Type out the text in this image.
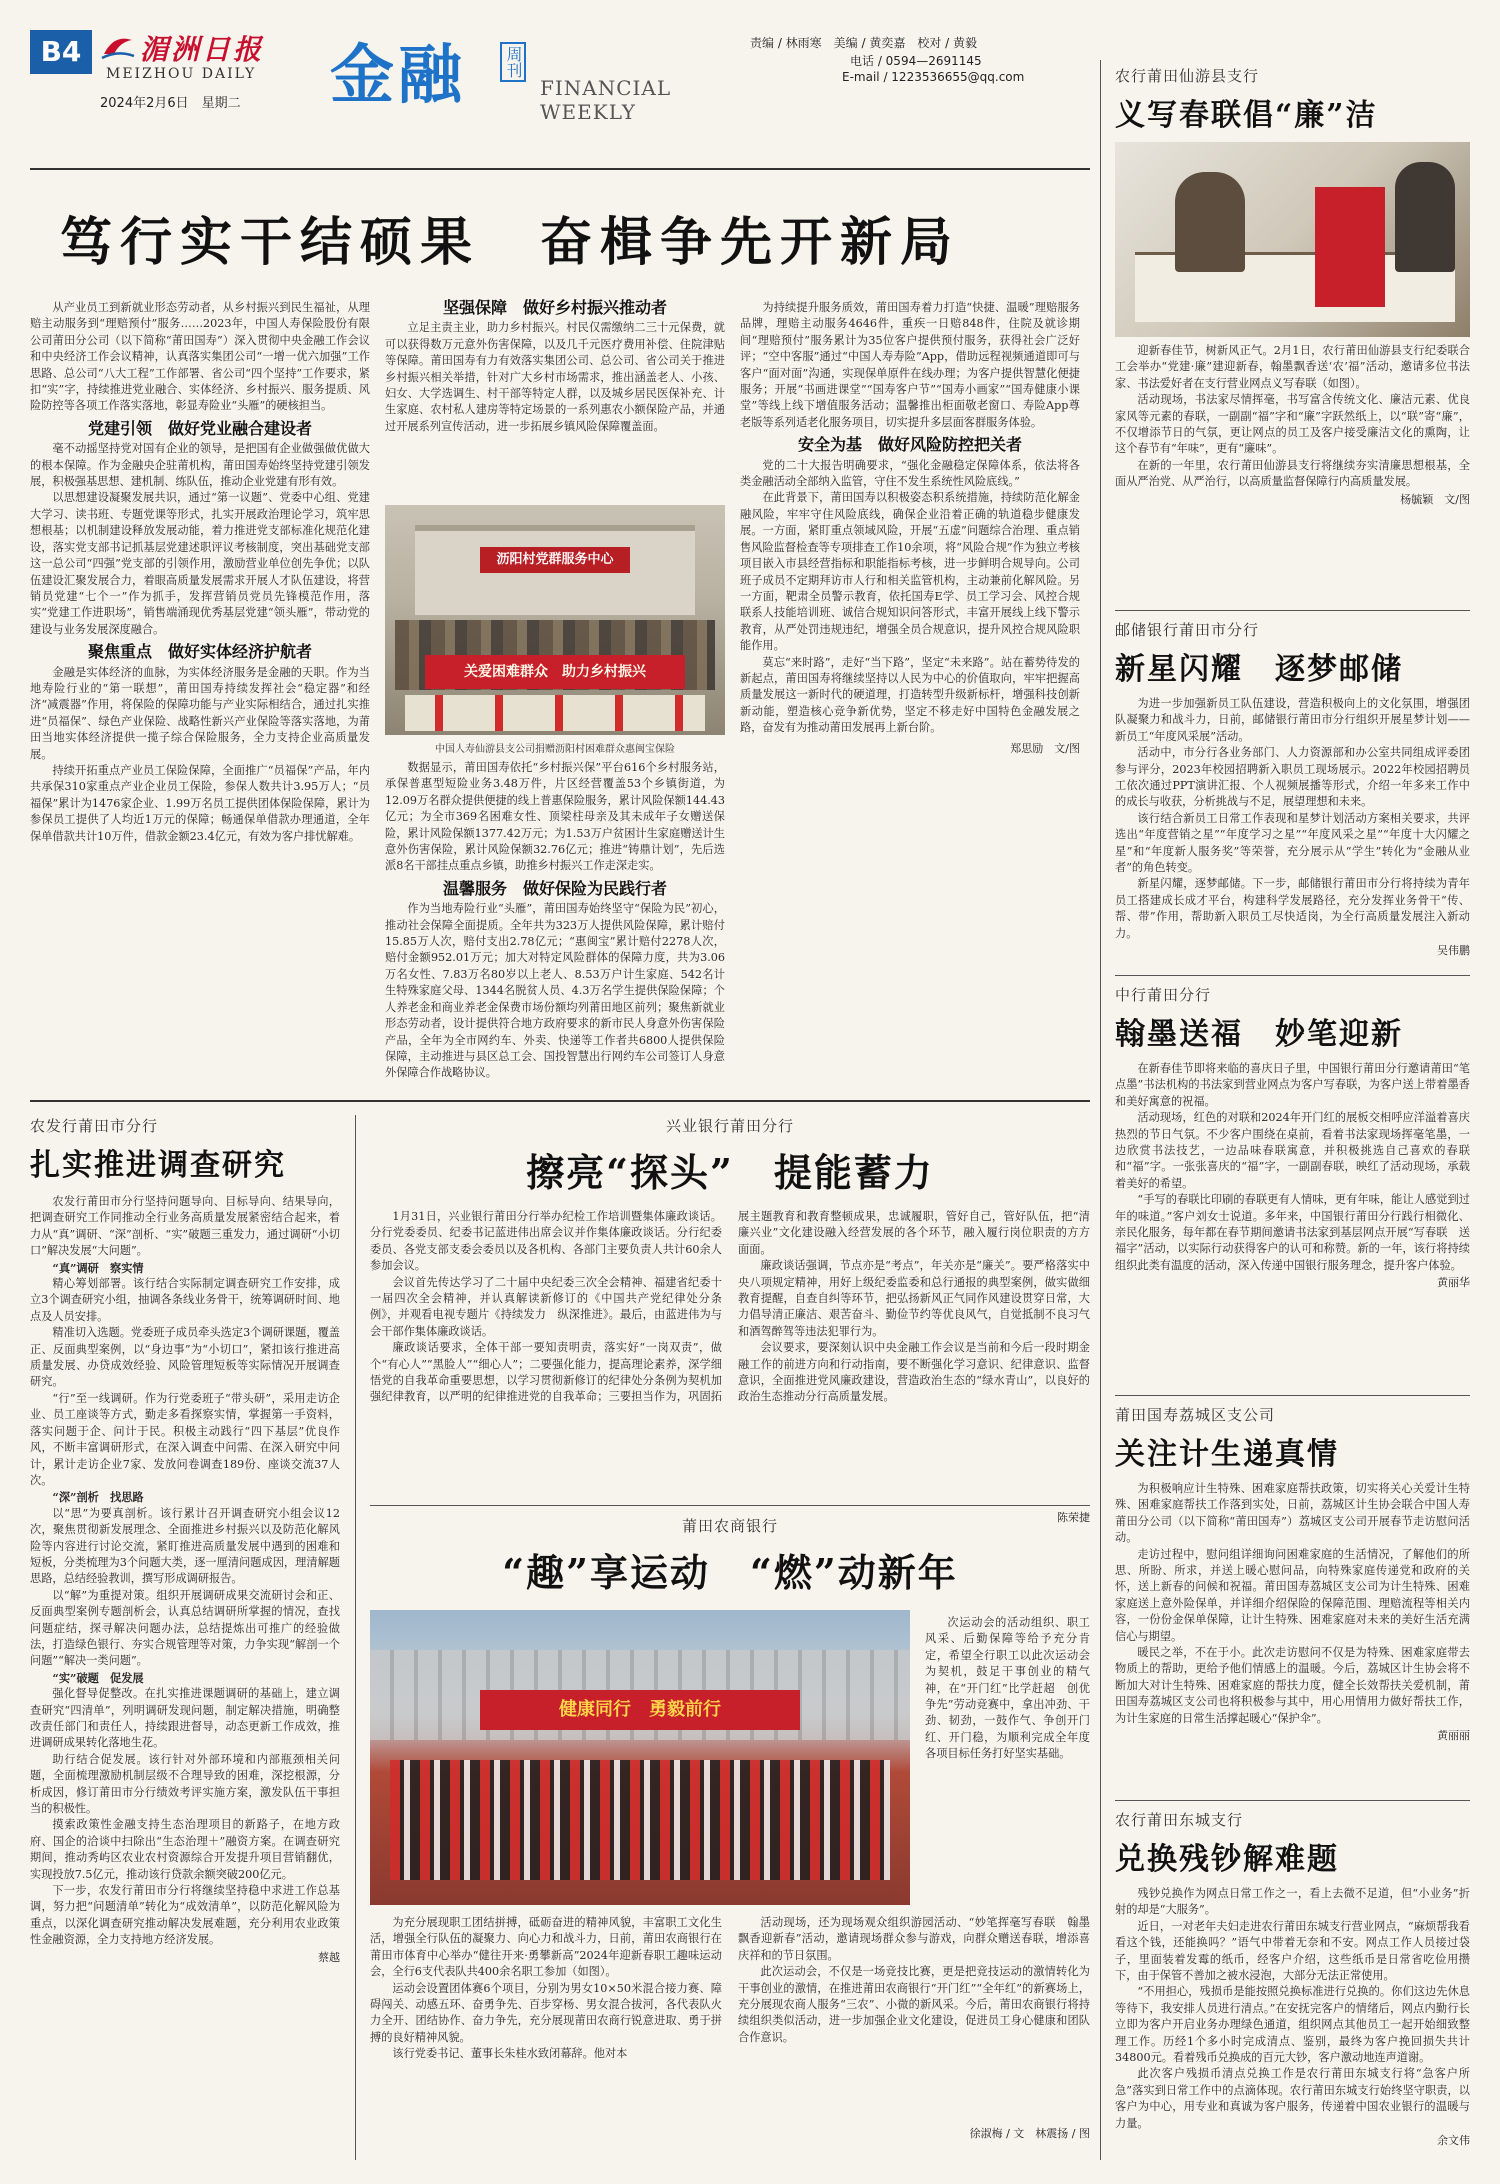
B4	湄洲日报
MEIZHOU DAILY
2024年2月6日　星期二 金融 周刊
FINANCIAL
WEEKLY
责编 / 林雨寒　美编 / 黄奕嘉　校对 / 黄毅
电话 / 0594—2691145
E-mail / 1223536655@qq.com
笃行实干结硕果　奋楫争先开新局

从产业员工到新就业形态劳动者，从乡村振兴到民生福祉，从理赔主动服务到“理赔预付”服务……2023年，中国人寿保险股份有限公司莆田分公司（以下简称“莆田国寿”）深入贯彻中央金融工作会议和中央经济工作会议精神，认真落实集团公司“一增一优六加强”工作思路、总公司“八大工程”工作部署、省公司“四个坚持”工作要求，紧扣“实”字，持续推进党业融合、实体经济、乡村振兴、服务提质、风险防控等各项工作落实落地，彰显寿险业“头雁”的硬核担当。

党建引领　做好党业融合建设者

毫不动摇坚持党对国有企业的领导，是把国有企业做强做优做大的根本保障。作为金融央企驻莆机构，莆田国寿始终坚持党建引领发展，积极强基思想、建机制、练队伍，推动企业党建有形有效。

以思想建设凝聚发展共识，通过“第一议题”、党委中心组、党建大学习、读书班、专题党课等形式，扎实开展政治理论学习，筑牢思想根基；以机制建设释放发展动能，着力推进党支部标准化规范化建设，落实党支部书记抓基层党建述职评议考核制度，突出基础党支部这一总公司“四强”党支部的引领作用，激励营业单位创先争优；以队伍建设汇聚发展合力，着眼高质量发展需求开展人才队伍建设，将营销员党建“七个一”作为抓手，发挥营销员党员先锋模范作用，落实“党建工作进职场”，销售端涌现优秀基层党建“领头雁”，带动党的建设与业务发展深度融合。

聚焦重点　做好实体经济护航者

金融是实体经济的血脉，为实体经济服务是金融的天职。作为当地寿险行业的“第一联想”，莆田国寿持续发挥社会“稳定器”和经济“减震器”作用，将保险的保障功能与产业实际相结合，通过扎实推进“员福保”、绿色产业保险、战略性新兴产业保险等落实落地，为莆田当地实体经济提供一揽子综合保险服务，全力支持企业高质量发展。

持续开拓重点产业员工保险保障，全面推广“员福保”产品，年内共承保310家重点产业企业员工保险，参保人数共计3.95万人；“员福保”累计为1476家企业、1.99万名员工提供团体保险保障，累计为参保员工提供了人均近1万元的保障；畅通保单借款办理通道，全年保单借款共计10万件，借款金额23.4亿元，有效为客户排忧解难。

坚强保障　做好乡村振兴推动者

立足主责主业，助力乡村振兴。村民仅需缴纳二三十元保费，就可以获得数万元意外伤害保障，以及几千元医疗费用补偿、住院津贴等保障。莆田国寿有力有效落实集团公司、总公司、省公司关于推进乡村振兴相关举措，针对广大乡村市场需求，推出涵盖老人、小孩、妇女、大学选调生、村干部等特定人群，以及城乡居民医保补充、计生家庭、农村私人建房等特定场景的一系列惠农小额保险产品，并通过开展系列宣传活动，进一步拓展乡镇风险保障覆盖面。

沥阳村党群服务中心
关爱困难群众　助力乡村振兴
中国人寿仙游县支公司捐赠沥阳村困难群众惠闽宝保险

数据显示，莆田国寿依托“乡村振兴保”平台616个乡村服务站，承保普惠型短险业务3.48万件，片区经营覆盖53个乡镇街道，为12.09万名群众提供便捷的线上普惠保险服务，累计风险保额144.43亿元；为全市369名困难女性、顶梁柱母亲及其未成年子女赠送保险，累计风险保额1377.42万元；为1.53万户贫困计生家庭赠送计生意外伤害保险，累计风险保额32.76亿元；推进“铸鼎计划”，先后选派8名干部挂点重点乡镇，助推乡村振兴工作走深走实。

温馨服务　做好保险为民践行者

作为当地寿险行业“头雁”，莆田国寿始终坚守“保险为民”初心，推动社会保障全面提质。全年共为323万人提供风险保障，累计赔付15.85万人次，赔付支出2.78亿元；“惠闽宝”累计赔付2278人次，赔付金额952.01万元；加大对特定风险群体的保障力度，共为3.06万名女性、7.83万名80岁以上老人、8.53万户计生家庭、542名计生特殊家庭父母、1344名脱贫人员、4.3万名学生提供保险保障；个人养老金和商业养老金保费市场份额均列莆田地区前列；聚焦新就业形态劳动者，设计提供符合地方政府要求的新市民人身意外伤害保险产品，全年为全市网约车、外卖、快递等工作者共6800人提供保险保障，主动推进与县区总工会、国投智慧出行网约车公司签订人身意外保障合作战略协议。

为持续提升服务质效，莆田国寿着力打造“快捷、温暖”理赔服务品牌，理赔主动服务4646件，重疾一日赔848件，住院及就诊期间“理赔预付”服务累计为35位客户提供预付服务，获得社会广泛好评；“空中客服”通过“中国人寿寿险”App，借助远程视频通道即可与客户“面对面”沟通，实现保单原件在线办理；为客户提供智慧化便捷服务；开展“书画进课堂”“国寿客户节”“国寿小画家”“国寿健康小课堂”等线上线下增值服务活动；温馨推出柜面敬老窗口、寿险App尊老版等系列适老化服务项目，切实提升多层面客群服务体验。

安全为基　做好风险防控把关者

党的二十大报告明确要求，“强化金融稳定保障体系，依法将各类金融活动全部纳入监管，守住不发生系统性风险底线。”

在此背景下，莆田国寿以积极姿态积系统措施，持续防范化解金融风险，牢牢守住风险底线，确保企业沿着正确的轨道稳步健康发展。一方面，紧盯重点领域风险，开展“五虚”问题综合治理、重点销售风险监督检查等专项排查工作10余项，将“风险合规”作为独立考核项目嵌入市县经营指标和职能指标考核，进一步鲜明合规导向。公司班子成员不定期拜访市人行和相关监管机构，主动兼前化解风险。另一方面，靶肃全员警示教育，依托国寿E学、员工学习会、风控合规联系人技能培训班、诚信合规知识问答形式，丰富开展线上线下警示教育，从严处罚违规违纪，增强全员合规意识，提升风控合规风险职能作用。

莫忘“来时路”，走好“当下路”，坚定“未来路”。站在蓄势待发的新起点，莆田国寿将继续坚持以人民为中心的价值取向，牢牢把握高质量发展这一新时代的硬道理，打造转型升级新标杆，增强科技创新新动能，塑造核心竞争新优势，坚定不移走好中国特色金融发展之路，奋发有为推动莆田发展再上新台阶。

郑思励　文/图
农行莆田仙游县支行
义写春联倡“廉”洁

迎新春佳节，树新风正气。2月1日，农行莆田仙游县支行纪委联合工会举办“党建·廉”建迎新春，翰墨飘香送‘农’福”活动，邀请多位书法家、书法爱好者在支行营业网点义写春联（如图）。

活动现场，书法家尽情挥毫，书写富含传统文化、廉洁元素、优良家风等元素的春联，一副副“福”字和“廉”字跃然纸上，以“联”寄“廉”，不仅增添节日的气氛，更让网点的员工及客户接受廉洁文化的熏陶，让这个春节有“年味”，更有“廉味”。

在新的一年里，农行莆田仙游县支行将继续夯实清廉思想根基，全面从严治党、从严治行，以高质量监督保障行内高质量发展。

杨毓颖　文/图
邮储银行莆田市分行
新星闪耀　逐梦邮储

为进一步加强新员工队伍建设，营造积极向上的文化氛围，增强团队凝聚力和战斗力，日前，邮储银行莆田市分行组织开展星梦计划——新员工“年度风采展”活动。

活动中，市分行各业务部门、人力资源部和办公室共同组成评委团参与评分，2023年校园招聘新入职员工现场展示。2022年校园招聘员工依次通过PPT演讲汇报、个人视频展播等形式，介绍一年多来工作中的成长与收获，分析挑战与不足，展望理想和未来。

该行结合新员工日常工作表现和星梦计划活动方案相关要求，共评选出“年度营销之星”“年度学习之星”“年度风采之星”“年度十大闪耀之星”和“年度新人服务奖”等荣誉，充分展示从“学生”转化为“金融从业者”的角色转变。

新星闪耀，逐梦邮储。下一步，邮储银行莆田市分行将持续为青年员工搭建成长成才平台，构建科学发展路径，充分发挥业务骨干“传、帮、带”作用，帮助新入职员工尽快适岗，为全行高质量发展注入新动力。

吴伟鹏
中行莆田分行
翰墨送福　妙笔迎新

在新春佳节即将来临的喜庆日子里，中国银行莆田分行邀请莆田“笔点墨”书法机构的书法家到营业网点为客户写春联，为客户送上带着墨香和美好寓意的祝福。

活动现场，红色的对联和2024年开门红的展板交相呼应洋溢着喜庆热烈的节日气氛。不少客户围绕在桌前，看着书法家现场挥毫笔墨，一边欣赏书法技艺，一边品味春联寓意，并积极挑选自己喜欢的春联和“福”字。一张张喜庆的“福”字，一副副春联，映红了活动现场，承载着美好的希望。

“手写的春联比印刷的春联更有人情味，更有年味，能让人感觉到过年的味道。”客户刘女士说道。多年来，中国银行莆田分行践行相微化、亲民化服务，每年都在春节期间邀请书法家到基层网点开展“写春联　送福字”活动，以实际行动获得客户的认可和称赞。新的一年，该行将持续组织此类有温度的活动，深入传递中国银行服务理念，提升客户体验。

黄丽华
莆田国寿荔城区支公司
关注计生递真情

为积极响应计生特殊、困难家庭帮扶政策，切实将关心关爱计生特殊、困难家庭帮扶工作落到实处，日前，荔城区计生协会联合中国人寿莆田分公司（以下简称“莆田国寿”）荔城区支公司开展春节走访慰问活动。

走访过程中，慰问组详细询问困难家庭的生活情况，了解他们的所思、所盼、所求，并送上暖心慰问品，向特殊家庭传递党和政府的关怀，送上新春的问候和祝福。莆田国寿荔城区支公司为计生特殊、困难家庭送上意外险保单，并详细介绍保险的保障范围、理赔流程等相关内容，一份份金保单保障，让计生特殊、困难家庭对未来的美好生活充满信心与期望。

暖民之举，不在于小。此次走访慰问不仅是为特殊、困难家庭带去物质上的帮助，更给予他们情感上的温暖。今后，荔城区计生协会将不断加大对计生特殊、困难家庭的帮扶力度，健全长效帮扶关爱机制，莆田国寿荔城区支公司也将积极参与其中，用心用情用力做好帮扶工作，为计生家庭的日常生活撑起暖心“保护伞”。

黄丽丽
农行莆田东城支行
兑换残钞解难题

残钞兑换作为网点日常工作之一，看上去微不足道，但“小业务”折射的却是“大服务”。

近日，一对老年夫妇走进农行莆田东城支行营业网点，“麻烦帮我看看这个钱，还能换吗？”语气中带着无奈和不安。网点工作人员接过袋子，里面装着发霉的纸币，经客户介绍，这些纸币是日常省吃俭用攒下，由于保管不善加之被水浸泡，大部分无法正常使用。

“不用担心，残损币是能按照兑换标准进行兑换的。你们这边先休息等待下，我安排人员进行清点。”在安抚完客户的情绪后，网点内勤行长立即为客户开启业务办理绿色通道，组织网点其他员工一起开始细致整理工作。历经1个多小时完成清点、鉴别，最终为客户挽回损失共计34800元。看着残币兑换成的百元大钞，客户激动地连声道谢。

此次客户残损币清点兑换工作是农行莆田东城支行将“急客户所急”落实到日常工作中的点滴体现。农行莆田东城支行始终坚守职责，以客户为中心，用专业和真诚为客户服务，传递着中国农业银行的温暖与力量。

余文伟
农发行莆田市分行
扎实推进调查研究

农发行莆田市分行坚持问题导向、目标导向、结果导向，把调查研究工作同推动全行业务高质量发展紧密结合起来，着力从“真”调研、“深”剖析、“实”破题三重发力，通过调研“小切口”解决发展“大问题”。

“真”调研　察实情

精心筹划部署。该行结合实际制定调查研究工作安排，成立3个调查研究小组，抽调各条线业务骨干，统筹调研时间、地点及人员安排。

精准切入选题。党委班子成员牵头选定3个调研课题，覆盖正、反面典型案例，以“身边事”为“小切口”，紧扣该行推进高质量发展、办贷成效经验、风险管理短板等实际情况开展调查研究。

“行”至一线调研。作为行党委班子“带头研”，采用走访企业、员工座谈等方式，勤走多看探察实情，掌握第一手资料，落实问题于企、问计于民。积极主动践行“四下基层”优良作风，不断丰富调研形式，在深入调查中问需、在深入研究中问计，累计走访企业7家、发放问卷调查189份、座谈交流37人次。

“深”剖析　找思路

以“思”为要真剖析。该行累计召开调查研究小组会议12次，聚焦贯彻新发展理念、全面推进乡村振兴以及防范化解风险等内容进行讨论交流，紧盯推进高质量发展中遇到的困难和短板，分类梳理为3个问题大类，逐一厘清问题成因，理清解题思路，总结经验教训，撰写形成调研报告。

以“解”为重提对策。组织开展调研成果交流研讨会和正、反面典型案例专题剖析会，认真总结调研所掌握的情况，查找问题症结，探寻解决问题办法，总结提炼出可推广的经验做法，打造绿色银行、夯实合规管理等对策，力争实现“解剖一个问题”“解决一类问题”。

“实”破题　促发展

强化督导促整改。在扎实推进课题调研的基础上，建立调查研究“四清单”，列明调研发现问题，制定解决措施，明确整改责任部门和责任人，持续跟进督导，动态更新工作成效，推进调研成果转化落地生花。

助行结合促发展。该行针对外部环境和内部瓶颈相关问题，全面梳理激励机制层级不合理导致的困难，深挖根源，分析成因，修订莆田市分行绩效考评实施方案，激发队伍干事担当的积极性。

摸索政策性金融支持生态治理项目的新路子，在地方政府、国企的洽谈中扫除出“生态治理＋”融资方案。在调查研究期间，推动秀屿区农业农村资源综合开发提升项目营销翻优，实现投放7.5亿元，推动该行贷款余额突破200亿元。

下一步，农发行莆田市分行将继续坚持稳中求进工作总基调，努力把“问题清单”转化为“成效清单”，以防范化解风险为重点，以深化调查研究推动解决发展难题，充分利用农业政策性金融资源，全力支持地方经济发展。

蔡越
兴业银行莆田分行
擦亮“探头”　提能蓄力

1月31日，兴业银行莆田分行举办纪检工作培训暨集体廉政谈话。分行党委委员、纪委书记蓝进伟出席会议并作集体廉政谈话。分行纪委委员、各党支部支委会委员以及各机构、各部门主要负责人共计60余人参加会议。

会议首先传达学习了二十届中央纪委三次全会精神、福建省纪委十一届四次全会精神，并认真解读新修订的《中国共产党纪律处分条例》，并观看电视专题片《持续发力　纵深推进》。最后，由蓝进伟为与会干部作集体廉政谈话。

廉政谈话要求，全体干部一要知责明责，落实好“一岗双责”，做个“有心人”“黑脸人”“细心人”；二要强化能力，提高理论素养，深学细悟党的自我革命重要思想，以学习贯彻新修订的纪律处分条例为契机加强纪律教育，以严明的纪律推进党的自我革命；三要担当作为，巩固拓展主题教育和教育整顿成果，忠诚履职，管好自己，管好队伍，把“清廉兴业”文化建设融入经营发展的各个环节，融入履行岗位职责的方方面面。

廉政谈话强调，节点亦是“考点”，年关亦是“廉关”。要严格落实中央八项规定精神，用好上级纪委监委和总行通报的典型案例，做实做细教育提醒，自查自纠等环节，把弘扬新风正气同作风建设贯穿日常，大力倡导清正廉洁、艰苦奋斗、勤俭节约等优良风气，自觉抵制不良习气和酒驾醉驾等违法犯罪行为。

会议要求，要深刻认识中央金融工作会议是当前和今后一段时期金融工作的前进方向和行动指南，要不断强化学习意识、纪律意识、监督意识，全面推进党风廉政建设，营造政治生态的“绿水青山”，以良好的政治生态推动分行高质量发展。

陈荣捷
莆田农商银行
“趣”享运动　“燃”动新年
健康同行　勇毅前行

次运动会的活动组织、职工风采、后勤保障等给予充分肯定，希望全行职工以此次运动会为契机，鼓足干事创业的精气神，在“开门红”比学赶超　创优争先”劳动竞赛中，拿出冲劲、干劲、韧劲，一鼓作气、争创开门红、开门稳，为顺利完成全年度各项目标任务打好坚实基础。

为充分展现职工团结拼搏，砥砺奋进的精神风貌，丰富职工文化生活，增强全行队伍的凝聚力、向心力和战斗力，日前，莆田农商银行在莆田市体育中心举办“健往开来·勇攀新高”2024年迎新春职工趣味运动会，全行6支代表队共400余名职工参加（如图）。

运动会设置团体赛6个项目，分别为男女10×50米混合接力赛、障碍闯关、动感五环、奋勇争先、百步穿杨、男女混合拔河，各代表队火力全开、团结协作、奋力争先，充分展现莆田农商行锐意进取、勇于拼搏的良好精神风貌。

该行党委书记、董事长朱桂水致闭幕辞。他对本

活动现场，还为现场观众组织游园活动、“妙笔挥毫写春联　翰墨飘香迎新春”活动，邀请现场群众参与游戏，向群众赠送春联，增添喜庆祥和的节日氛围。

此次运动会，不仅是一场竞技比赛，更是把竞技运动的激情转化为干事创业的激情，在推进莆田农商银行“开门红”“全年红”的新赛场上，充分展现农商人服务“三农”、小微的新风采。今后，莆田农商银行将持续组织类似活动，进一步加强企业文化建设，促进员工身心健康和团队合作意识。

徐淑梅 / 文　林震扬 / 图
